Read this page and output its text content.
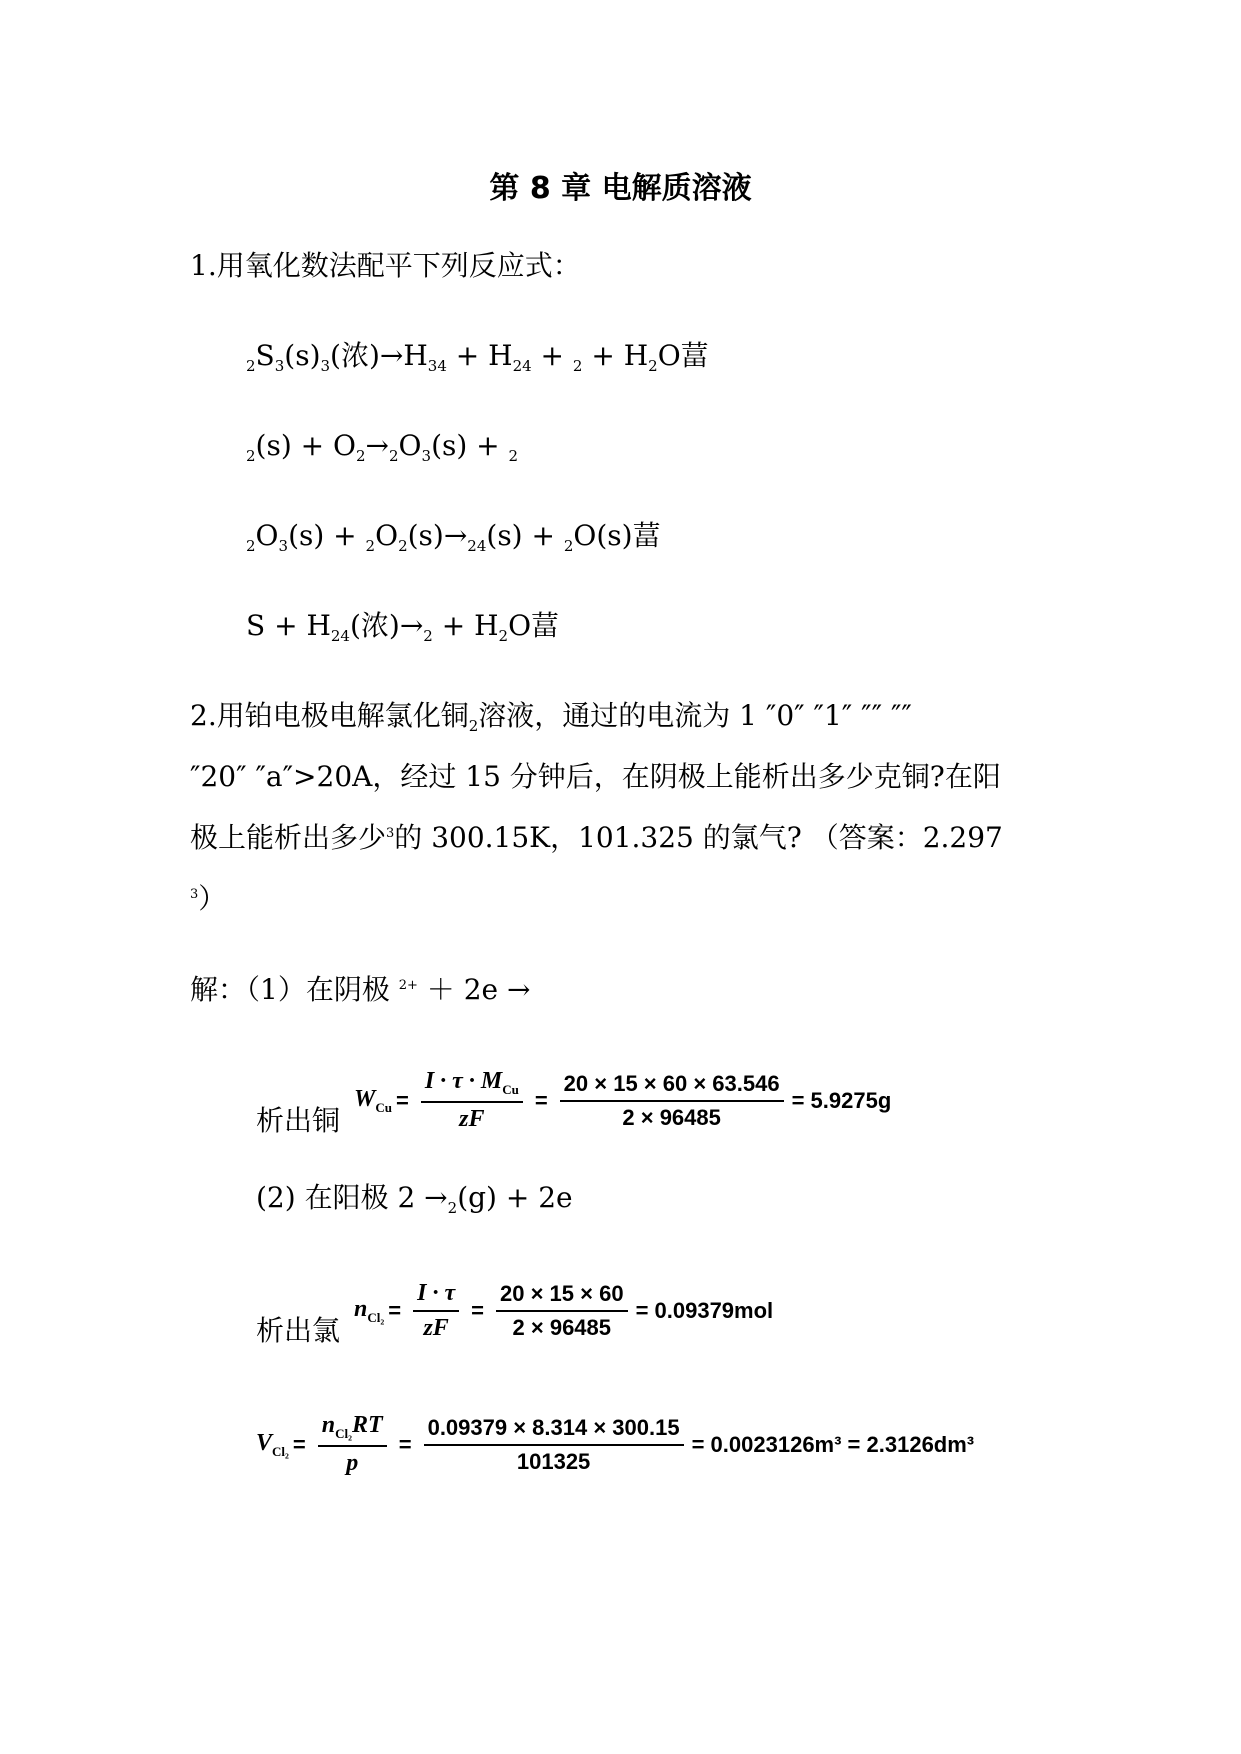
第 8 章 电解质溶液
1.用氧化数法配平下列反应式：
$_2S_3(s)_3$(浓)$\to H_{34} + H_{24} + _2 + H_2O$葍
$_2(s) + O_2\to_2O_3(s) + _2$
$_2O_3(s) + _2O_2(s)\to_{24}(s) + _2O(s)$葍
$S + H_{24}$(浓)$\to_2 + H_2O$葍
2.用铂电极电解氯化铜$_2$溶液，通过的电流为 1 ″0″ ″1″ ″″ ″″
″20″ ″a″>20A，经过 15 分钟后，在阴极上能析出多少克铜?在阳
极上能析出多少$^3$的 300.15K，101.325 的氯气? （答案：2.297
$^3$）
解：（1）在阴极 $^{2+}$ ＋ 2e →
析出铜
$W_{Cu} = \frac{I \cdot \tau \cdot M_{Cu}}{zF} = \frac{20 \times 15 \times 60 \times 63.546}{2 \times 96485} = 5.9275g$
(2) 在阳极 $2 \to_2(g) + 2e$
析出氯
$n_{Cl_2} = \frac{I \cdot \tau}{zF} = \frac{20 \times 15 \times 60}{2 \times 96485} = 0.09379mol$
$V_{Cl_2} = \frac{n_{Cl_2}RT}{p} = \frac{0.09379 \times 8.314 \times 300.15}{101325} = 0.0023126m^3 = 2.3126dm^3$
